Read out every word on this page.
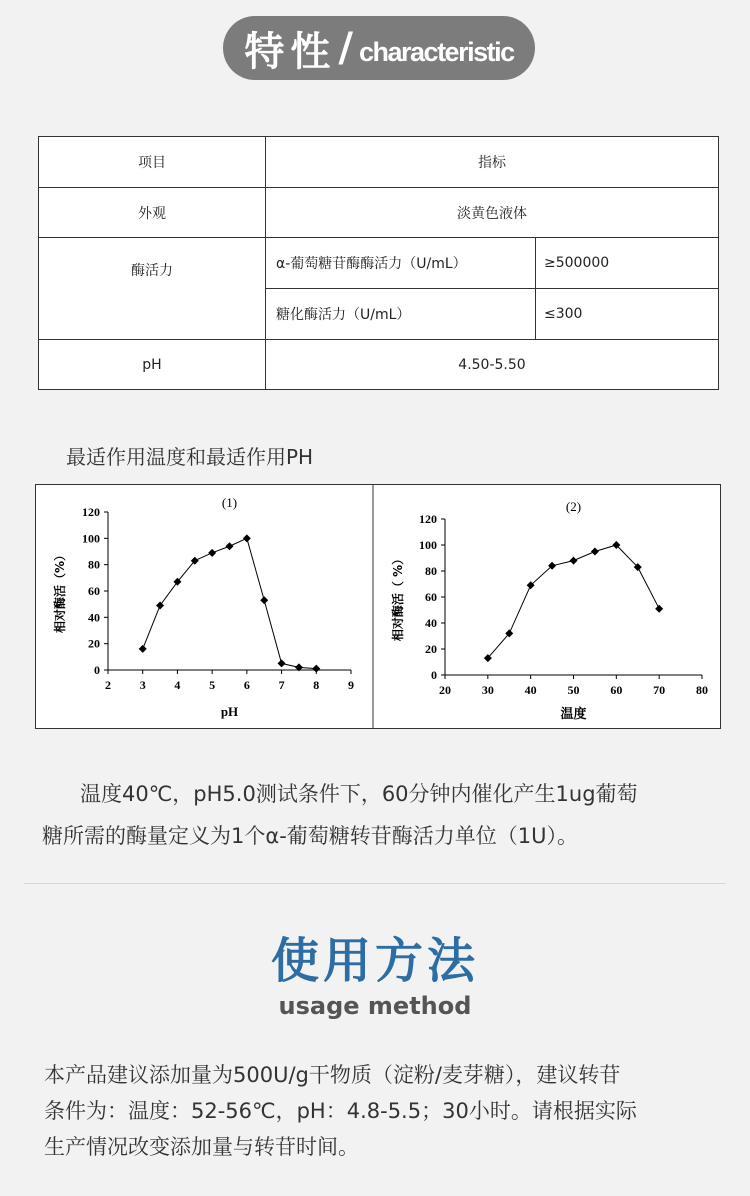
特性 / characteristic
项目	指标	
外观	淡黄色液体	
酶活力	α-葡萄糖苷酶酶活力（U/mL）	≥500000
	糖化酶活力（U/mL）	≤300
pH	4.50-5.50	
最适作用温度和最适作用PH
0
20
40
60
80
100
120
2 3 4 5 6 7 8 9
(1)
pH
相对酶活（%）
0
20
40
60
80
100
120
20	30	40	50	60	70	80
(2)
温度
相对酶活（ %）
温度40℃，pH5.0测试条件下，60分钟内催化产生1ug葡萄
糖所需的酶量定义为1个α-葡萄糖转苷酶活力单位（1U）。
使用方法
usage method
本产品建议添加量为500U/g干物质（淀粉/麦芽糖），建议转苷
条件为：温度：52-56℃，pH：4.8-5.5；30小时。请根据实际
生产情况改变添加量与转苷时间。
